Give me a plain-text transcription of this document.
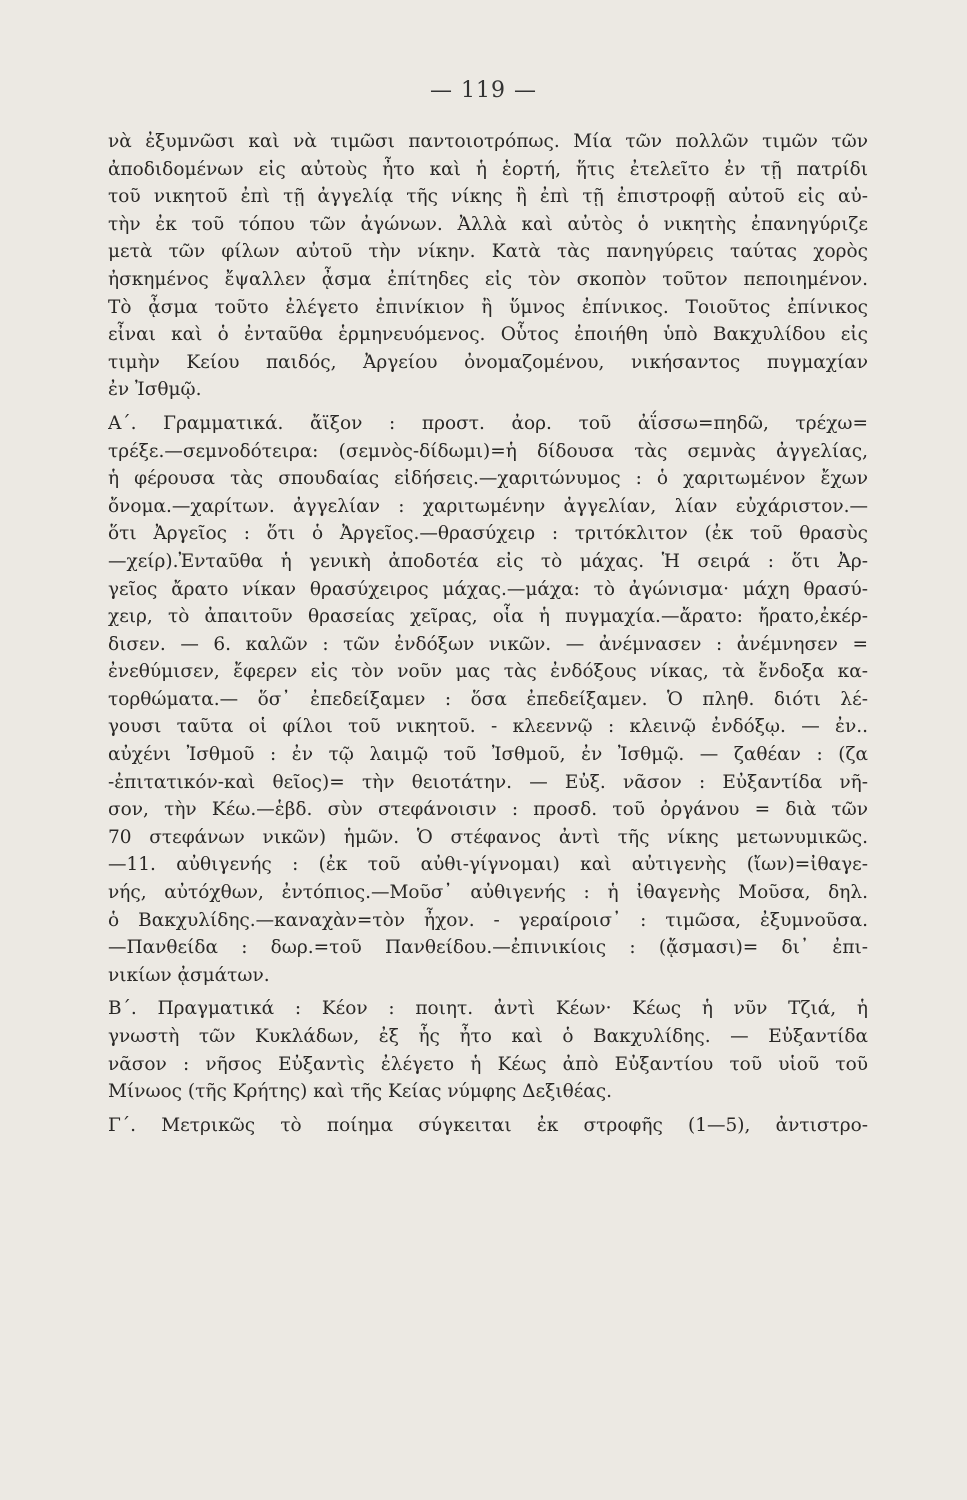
— 119 —
νὰ ἐξυμνῶσι καὶ νὰ τιμῶσι παντοιοτρόπως. Μία τῶν πολλῶν τιμῶν τῶν
ἀποδιδομένων εἰς αὐτοὺς ἦτο καὶ ἡ ἑορτή, ἥτις ἐτελεῖτο ἐν τῇ πατρίδι
τοῦ νικητοῦ ἐπὶ τῇ ἀγγελίᾳ τῆς νίκης ἢ ἐπὶ τῇ ἐπιστροφῇ αὐτοῦ εἰς αὐ-
τὴν ἐκ τοῦ τόπου τῶν ἀγώνων. Ἀλλὰ καὶ αὐτὸς ὁ νικητὴς ἐπανηγύριζε
μετὰ τῶν φίλων αὐτοῦ τὴν νίκην. Κατὰ τὰς πανηγύρεις ταύτας χορὸς
ἠσκημένος ἔψαλλεν ᾆσμα ἐπίτηδες εἰς τὸν σκοπὸν τοῦτον πεποιημένον.
Τὸ ᾆσμα τοῦτο ἐλέγετο ἐπινίκιον ἢ ὕμνος ἐπίνικος. Τοιοῦτος ἐπίνικος
εἶναι καὶ ὁ ἐνταῦθα ἑρμηνευόμενος. Οὗτος ἐποιήθη ὑπὸ Βακχυλίδου εἰς
τιμὴν Κείου παιδός, Ἀργείου ὀνομαζομένου, νικήσαντος πυγμαχίαν
ἐν Ἰσθμῷ.
Α΄. Γραμματικά. ἄϊξον : προστ. ἀορ. τοῦ ἀΐσσω=πηδῶ, τρέχω=
τρέξε.—σεμνοδότειρα: (σεμνὸς-δίδωμι)=ἡ δίδουσα τὰς σεμνὰς ἀγγελίας,
ἡ φέρουσα τὰς σπουδαίας εἰδήσεις.—χαριτώνυμος : ὁ χαριτωμένον ἔχων
ὄνομα.—χαρίτων. ἀγγελίαν : χαριτωμένην ἀγγελίαν, λίαν εὐχάριστον.—
ὅτι Ἀργεῖος : ὅτι ὁ Ἀργεῖος.—θρασύχειρ : τριτόκλιτον (ἐκ τοῦ θρασὺς
—χείρ).Ἐνταῦθα ἡ γενικὴ ἀποδοτέα εἰς τὸ μάχας. Ἡ σειρά : ὅτι Ἀρ-
γεῖος ἄρατο νίκαν θρασύχειρος μάχας.—μάχα: τὸ ἀγώνισμα· μάχη θρασύ-
χειρ, τὸ ἀπαιτοῦν θρασείας χεῖρας, οἷα ἡ πυγμαχία.—ἄρατο: ἤρατο,ἐκέρ-
δισεν. — 6. καλῶν : τῶν ἐνδόξων νικῶν. — ἀνέμνασεν : ἀνέμνησεν =
ἐνεθύμισεν, ἔφερεν εἰς τὸν νοῦν μας τὰς ἐνδόξους νίκας, τὰ ἔνδοξα κα-
τορθώματα.— ὅσ᾽ ἐπεδείξαμεν : ὅσα ἐπεδείξαμεν. Ὁ πληθ. διότι λέ-
γουσι ταῦτα οἱ φίλοι τοῦ νικητοῦ. - κλεεννῷ : κλεινῷ ἐνδόξῳ. — ἐν..
αὐχένι Ἰσθμοῦ : ἐν τῷ λαιμῷ τοῦ Ἰσθμοῦ, ἐν Ἰσθμῷ. — ζαθέαν : (ζα
-ἐπιτατικόν-καὶ θεῖος)= τὴν θειοτάτην. — Εὐξ. νᾶσον : Εὐξαντίδα νῆ-
σον, τὴν Κέω.—ἑβδ. σὺν στεφάνοισιν : προσδ. τοῦ ὀργάνου = διὰ τῶν
70 στεφάνων νικῶν) ἡμῶν. Ὁ στέφανος ἀντὶ τῆς νίκης μετωνυμικῶς.
—11. αὐθιγενής : (ἐκ τοῦ αὐθι-γίγνομαι) καὶ αὐτιγενὴς (ἴων)=ἰθαγε-
νής, αὐτόχθων, ἐντόπιος.—Μοῦσ᾽ αὐθιγενής : ἡ ἰθαγενὴς Μοῦσα, δηλ.
ὁ Βακχυλίδης.—καναχὰν=τὸν ἦχον. - γεραίροισ᾽ : τιμῶσα, ἐξυμνοῦσα.
—Πανθείδα : δωρ.=τοῦ Πανθείδου.—ἐπινικίοις : (ᾄσμασι)= δι᾽ ἐπι-
νικίων ᾀσμάτων.
Β΄. Πραγματικά : Κέον : ποιητ. ἀντὶ Κέων· Κέως ἡ νῦν Τζιά, ἡ
γνωστὴ τῶν Κυκλάδων, ἐξ ἧς ἦτο καὶ ὁ Βακχυλίδης. — Εὐξαντίδα
νᾶσον : νῆσος Εὐξαντὶς ἐλέγετο ἡ Κέως ἀπὸ Εὐξαντίου τοῦ υἱοῦ τοῦ
Μίνωος (τῆς Κρήτης) καὶ τῆς Κείας νύμφης Δεξιθέας.
Γ΄. Μετρικῶς τὸ ποίημα σύγκειται ἐκ στροφῆς (1—5), ἀντιστρο-
